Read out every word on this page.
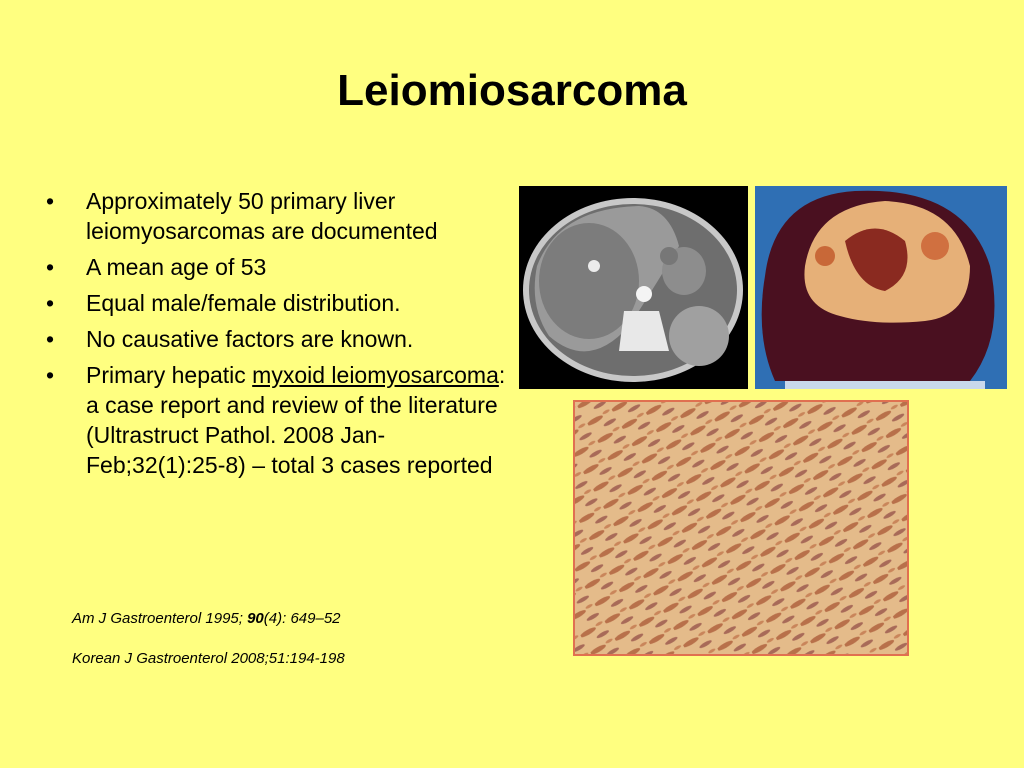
Leiomiosarcoma
• Approximately 50 primary liver leiomyosarcomas are documented
• A mean age of 53
• Equal male/female distribution.
• No causative factors are known.
• Primary hepatic myxoid leiomyosarcoma: a case report and review of the literature (Ultrastruct Pathol. 2008 Jan-Feb;32(1):25-8) – total 3 cases reported
Am J Gastroenterol 1995; 90(4): 649–52
Korean J Gastroenterol 2008;51:194-198
